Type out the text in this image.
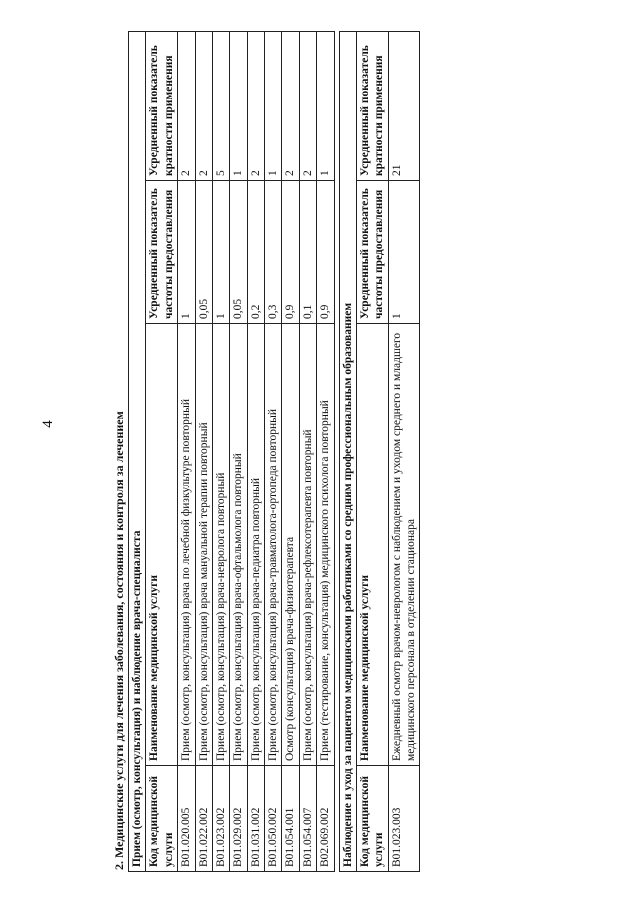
4	2. Медицинские услуги для лечения заболевания, состояния и контроля за лечением Прием (осмотр, консультация) и наблюдение врача-специалиста			
Код медицинской услуги	Наименование медицинской услуги	Усредненный показатель частоты предоставления	Усредненный показатель кратности применения
B01.020.005	Прием (осмотр, консультация) врача по лечебной физкультуре повторный	1	2
B01.022.002	Прием (осмотр, консультация) врача мануальной терапии повторный	0,05	2
B01.023.002	Прием (осмотр, консультация) врача-невролога повторный	1	5
B01.029.002	Прием (осмотр, консультация) врача-офтальмолога повторный	0,05	1
B01.031.002	Прием (осмотр, консультация) врача-педиатра повторный	0,2	2
B01.050.002	Прием (осмотр, консультация) врача-травматолога-ортопеда повторный	0,3	1
B01.054.001	Осмотр (консультация) врача-физиотерапевта	0,9	2
B01.054.007	Прием (осмотр, консультация) врача-рефлексотерапевта повторный	0,1	2
B02.069.002	Прием (тестирование, консультация) медицинского психолога повторный	0,9	1
Наблюдение и уход за пациентом медицинскими работниками со средним профессиональным образованием			
Код медицинской услуги	Наименование медицинской услуги	Усредненный показатель частоты предоставления	Усредненный показатель кратности применения
B01.023.003	Ежедневный осмотр врачом-неврологом с наблюдением и уходом среднего и младшего медицинского персонала в отделении стационара	1	21
